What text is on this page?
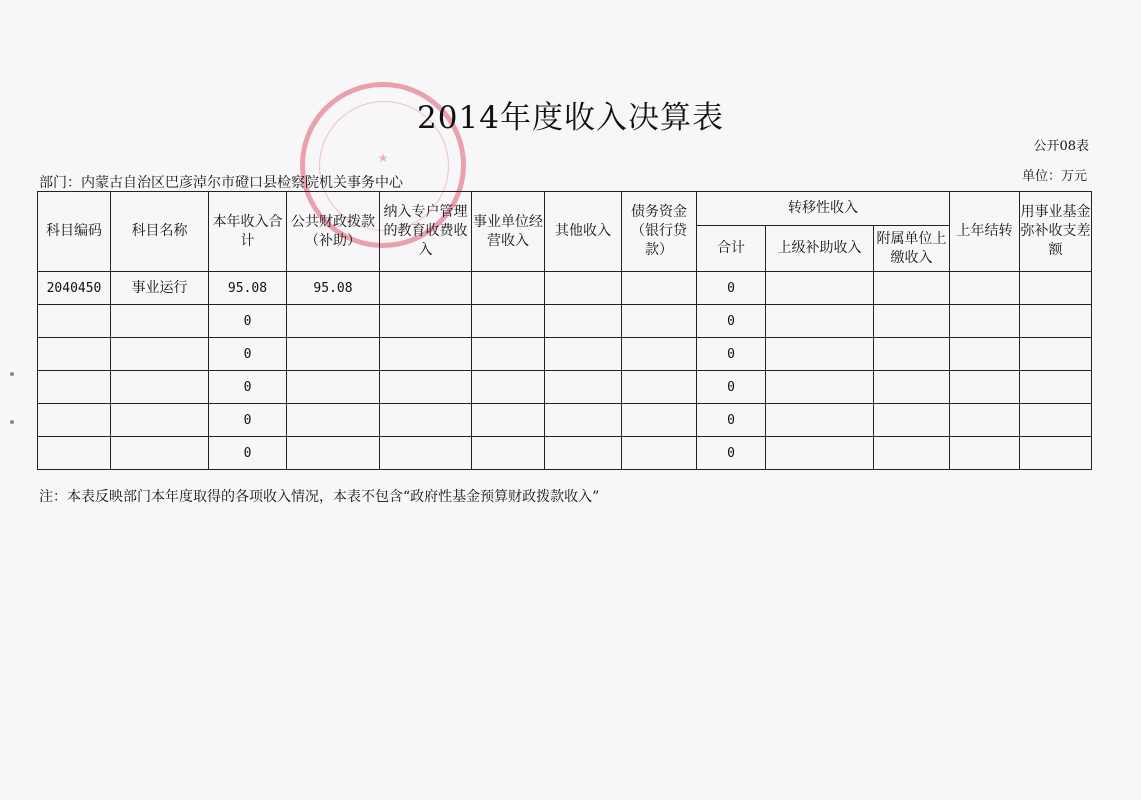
★
2014年度收入决算表
公开08表
部门：内蒙古自治区巴彦淖尔市磴口县检察院机关事务中心	单位：万元
科目编码	科目名称	本年收入合计	公共财政拨款（补助）	纳入专户管理的教育收费收入	事业单位经营收入	其他收入	债务资金（银行贷款）	转移性收入			上年结转	用事业基金弥补收支差额
								合计	上级补助收入	附属单位上缴收入		
2040450	事业运行	95.08	95.08					0				
		0						0				
		0						0				
		0						0				
		0						0				
		0						0				
注：本表反映部门本年度取得的各项收入情况，本表不包含“政府性基金预算财政拨款收入”
